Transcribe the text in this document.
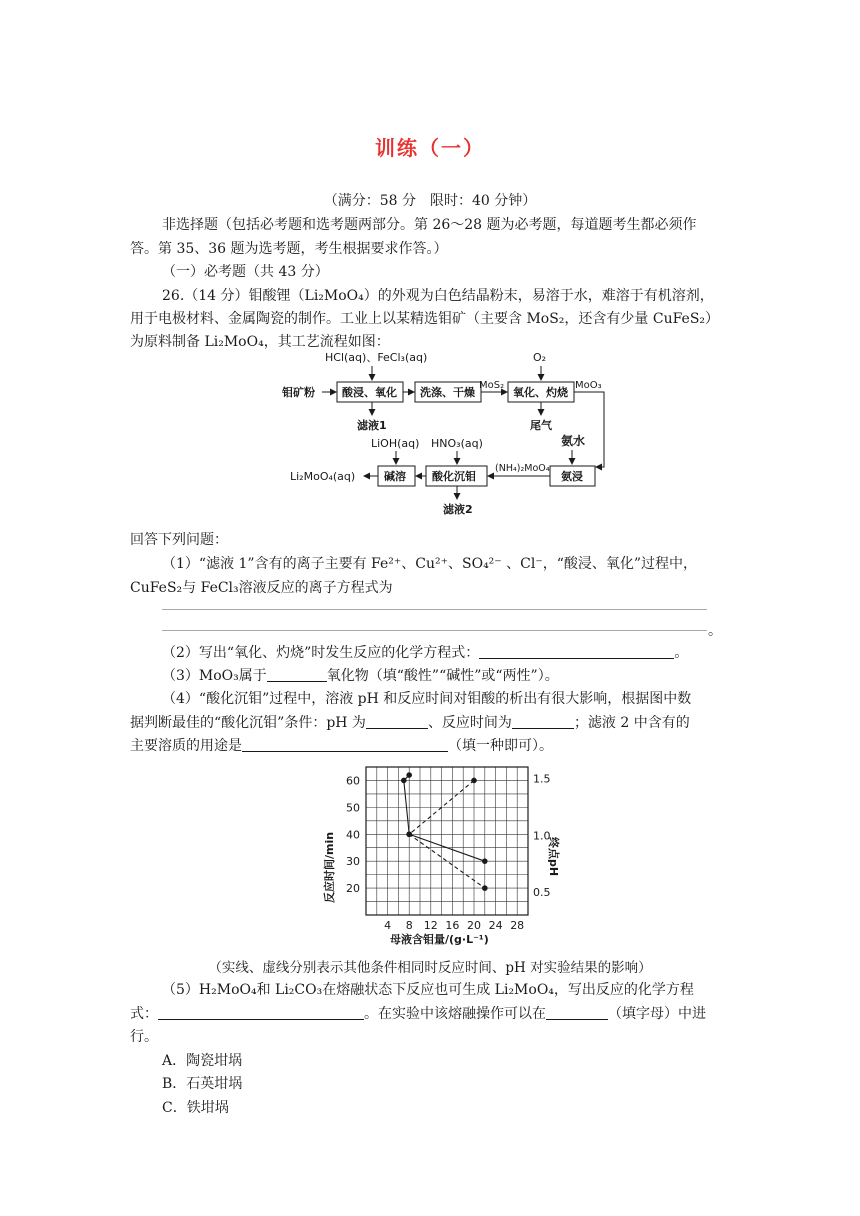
训练（一）
（满分：58 分　限时：40 分钟）
非选择题（包括必考题和选考题两部分。第 26～28 题为必考题，每道题考生都必须作
答。第 35、36 题为选考题，考生根据要求作答。）
（一）必考题（共 43 分）
26.（14 分）钼酸锂（Li₂MoO₄）的外观为白色结晶粉末，易溶于水，难溶于有机溶剂，
用于电极材料、金属陶瓷的制作。工业上以某精选钼矿（主要含 MoS₂，还含有少量 CuFeS₂）
为原料制备 Li₂MoO₄，其工艺流程如图：
HCl(aq)、FeCl₃(aq)	O₂
钼矿粉 酸浸、氧化 洗涤、干燥
MoS₂
氧化、灼烧
MoO₃
滤液1	尾气
LiOH(aq) HNO₃(aq)	氨水
氨浸
(NH₄)₂MoO₄
酸化沉钼
碱溶
Li₂MoO₄(aq)
滤液2
回答下列问题：
（1）“滤液 1”含有的离子主要有 Fe²⁺、Cu²⁺、SO₄²⁻ 、Cl⁻，“酸浸、氧化”过程中，
CuFeS₂与 FeCl₃溶液反应的离子方程式为
。
（2）写出“氧化、灼烧”时发生反应的化学方程式：	。
（3）MoO₃属于	氧化物（填“酸性”“碱性”或“两性”）。
（4）“酸化沉钼”过程中，溶液 pH 和反应时间对钼酸的析出有很大影响，根据图中数
据判断最佳的“酸化沉钼”条件：pH 为	、反应时间为	；滤液 2 中含有的
主要溶质的用途是	（填一种即可）。
4 8 12 16 20 24 28
20
30
40
50
60
0.5
1.0
1.5
母液含钼量/(g·L⁻¹)
反应时间/min	终点pH
（实线、虚线分别表示其他条件相同时反应时间、pH 对实验结果的影响）
（5）H₂MoO₄和 Li₂CO₃在熔融状态下反应也可生成 Li₂MoO₄，写出反应的化学方程
式：	。在实验中该熔融操作可以在	（填字母）中进
行。
A．陶瓷坩埚
B．石英坩埚
C．铁坩埚
